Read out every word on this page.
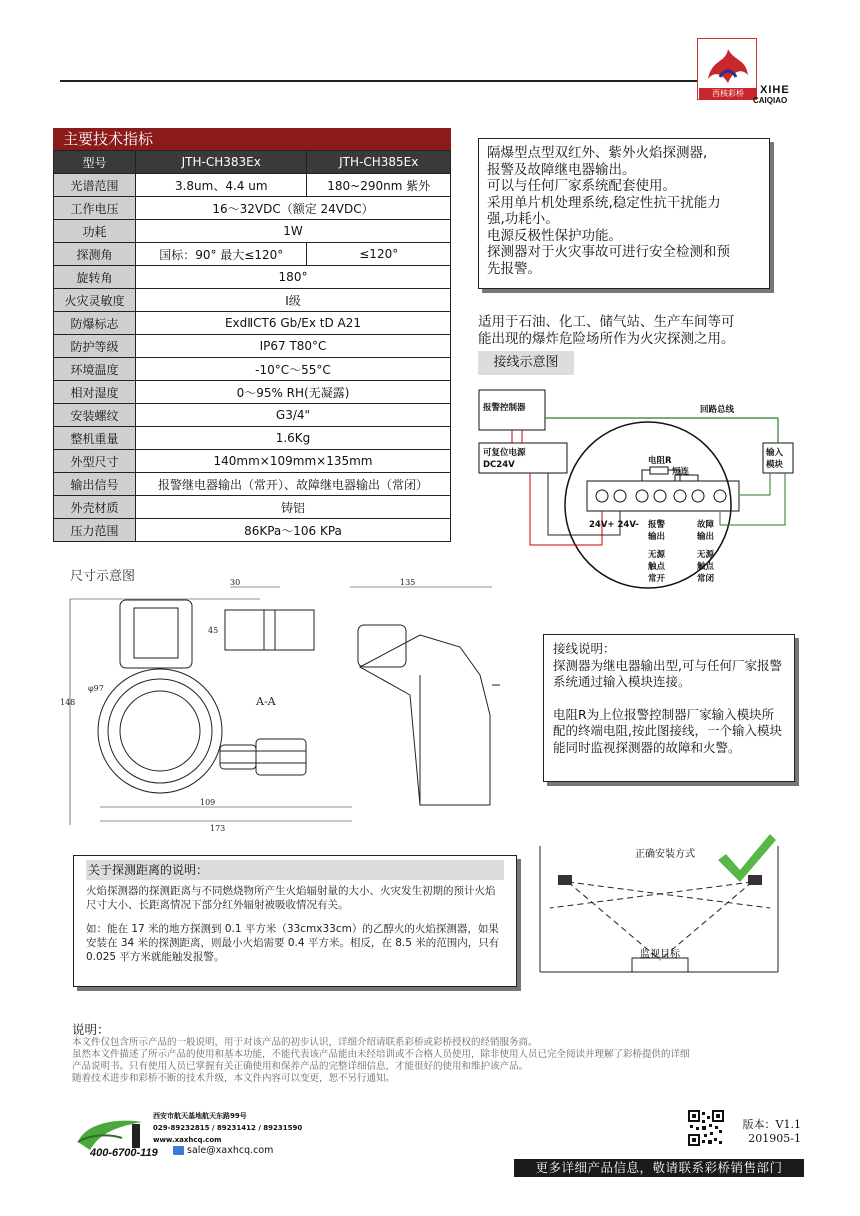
西核彩桥	XIHE
CAIQIAO
主要技术指标
型号	JTH-CH383Ex	JTH-CH385Ex
光谱范围	3.8um、4.4 um	180~290nm 紫外
工作电压	16～32VDC（额定 24VDC）	
功耗	1W	
探测角	国标：90° 最大≤120°	≤120°
旋转角	180°	
火灾灵敏度	Ⅰ级	
防爆标志	ExdⅡCT6 Gb/Ex tD A21	
防护等级	IP67 T80°C	
环境温度	-10°C～55°C	
相对湿度	0～95% RH(无凝露)	
安装螺纹	G3/4"	
整机重量	1.6Kg	
外型尺寸	140mm×109mm×135mm	
输出信号	报警继电器输出（常开）、故障继电器输出（常闭）	
外壳材质	铸铝	
压力范围	86KPa～106 KPa	
隔爆型点型双红外、紫外火焰探测器,
报警及故障继电器输出。
可以与任何厂家系统配套使用。
采用单片机处理系统,稳定性抗干扰能力
强,功耗小。
电源反极性保护功能。
探测器对于火灾事故可进行安全检测和预
先报警。
适用于石油、化工、储气站、生产车间等可
能出现的爆炸危险场所作为火灾探测之用。
接线示意图
报警控制器	回路总线
可复位电源
DC24V
输入
模块
电阻R
短连
24V+ 24V- 报警
输出
故障
输出
无源
触点
常开
无源
触点
常闭

接线说明：

探测器为继电器输出型,可与任何厂家报警系统通过输入模块连接。

电阻R为上位报警控制器厂家输入模块所配的终端电阻,按此图接线，一个输入模块能同时监视探测器的故障和火警。

尺寸示意图	30
45
A-A
135
148
109
173
φ97
关于探测距离的说明：

火焰探测器的探测距离与不同燃烧物所产生火焰辐射量的大小、火灾发生初期的预计火焰尺寸大小、长距离情况下部分红外辐射被吸收情况有关。

如：能在 17 米的地方探测到 0.1 平方米（33cmx33cm）的乙醇火的火焰探测器，如果安装在 34 米的探测距离，则最小火焰需要 0.4 平方米。相反，在 8.5 米的范围内，只有 0.025 平方米就能触发报警。

正确安装方式
监视目标
说明：
本文件仅包含所示产品的一般说明，用于对该产品的初步认识，详细介绍请联系彩桥或彩桥授权的经销服务商。
虽然本文件描述了所示产品的使用和基本功能，不能代表该产品能由未经培训或不合格人员使用，除非使用人员已完全阅读并理解了彩桥提供的详细
产品说明书。只有使用人员已掌握有关正确使用和保养产品的完整详细信息，才能很好的使用和维护该产品。
随着技术进步和彩桥不断的技术升级，本文件内容可以变更，恕不另行通知。
西安市航天基地航天东路99号
029-89232815 / 89231412 / 89231590
www.xaxhcq.com
400-6700-119	sale@xaxhcq.com
版本：V1.1
201905-1
更多详细产品信息，敬请联系彩桥销售部门
